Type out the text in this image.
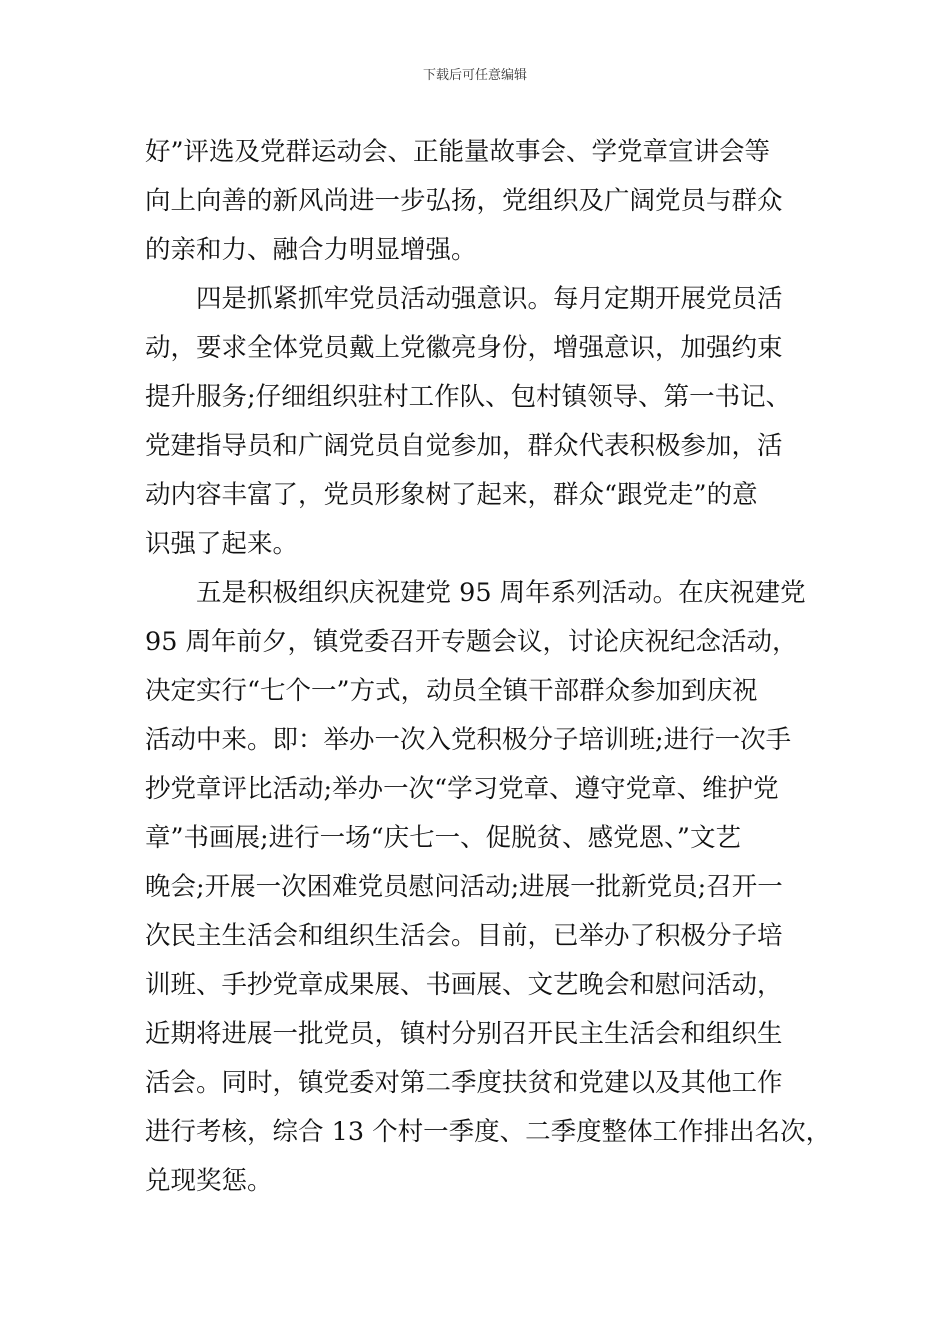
下载后可任意编辑

好”评选及党群运动会、正能量故事会、学党章宣讲会等
向上向善的新风尚进一步弘扬，党组织及广阔党员与群众
的亲和力、融合力明显增强。

　　四是抓紧抓牢党员活动强意识。每月定期开展党员活
动，要求全体党员戴上党徽亮身份，增强意识，加强约束
提升服务;仔细组织驻村工作队、包村镇领导、第一书记、
党建指导员和广阔党员自觉参加，群众代表积极参加，活
动内容丰富了，党员形象树了起来，群众“跟党走”的意
识强了起来。

　　五是积极组织庆祝建党 95 周年系列活动。在庆祝建党
95 周年前夕，镇党委召开专题会议，讨论庆祝纪念活动，
决定实行“七个一”方式，动员全镇干部群众参加到庆祝
活动中来。即：举办一次入党积极分子培训班;进行一次手
抄党章评比活动;举办一次“学习党章、遵守党章、维护党
章”书画展;进行一场“庆七一、促脱贫、感党恩、”文艺
晚会;开展一次困难党员慰问活动;进展一批新党员;召开一
次民主生活会和组织生活会。目前，已举办了积极分子培
训班、手抄党章成果展、书画展、文艺晚会和慰问活动，
近期将进展一批党员，镇村分别召开民主生活会和组织生
活会。同时，镇党委对第二季度扶贫和党建以及其他工作
进行考核，综合 13 个村一季度、二季度整体工作排出名次，
兑现奖惩。
